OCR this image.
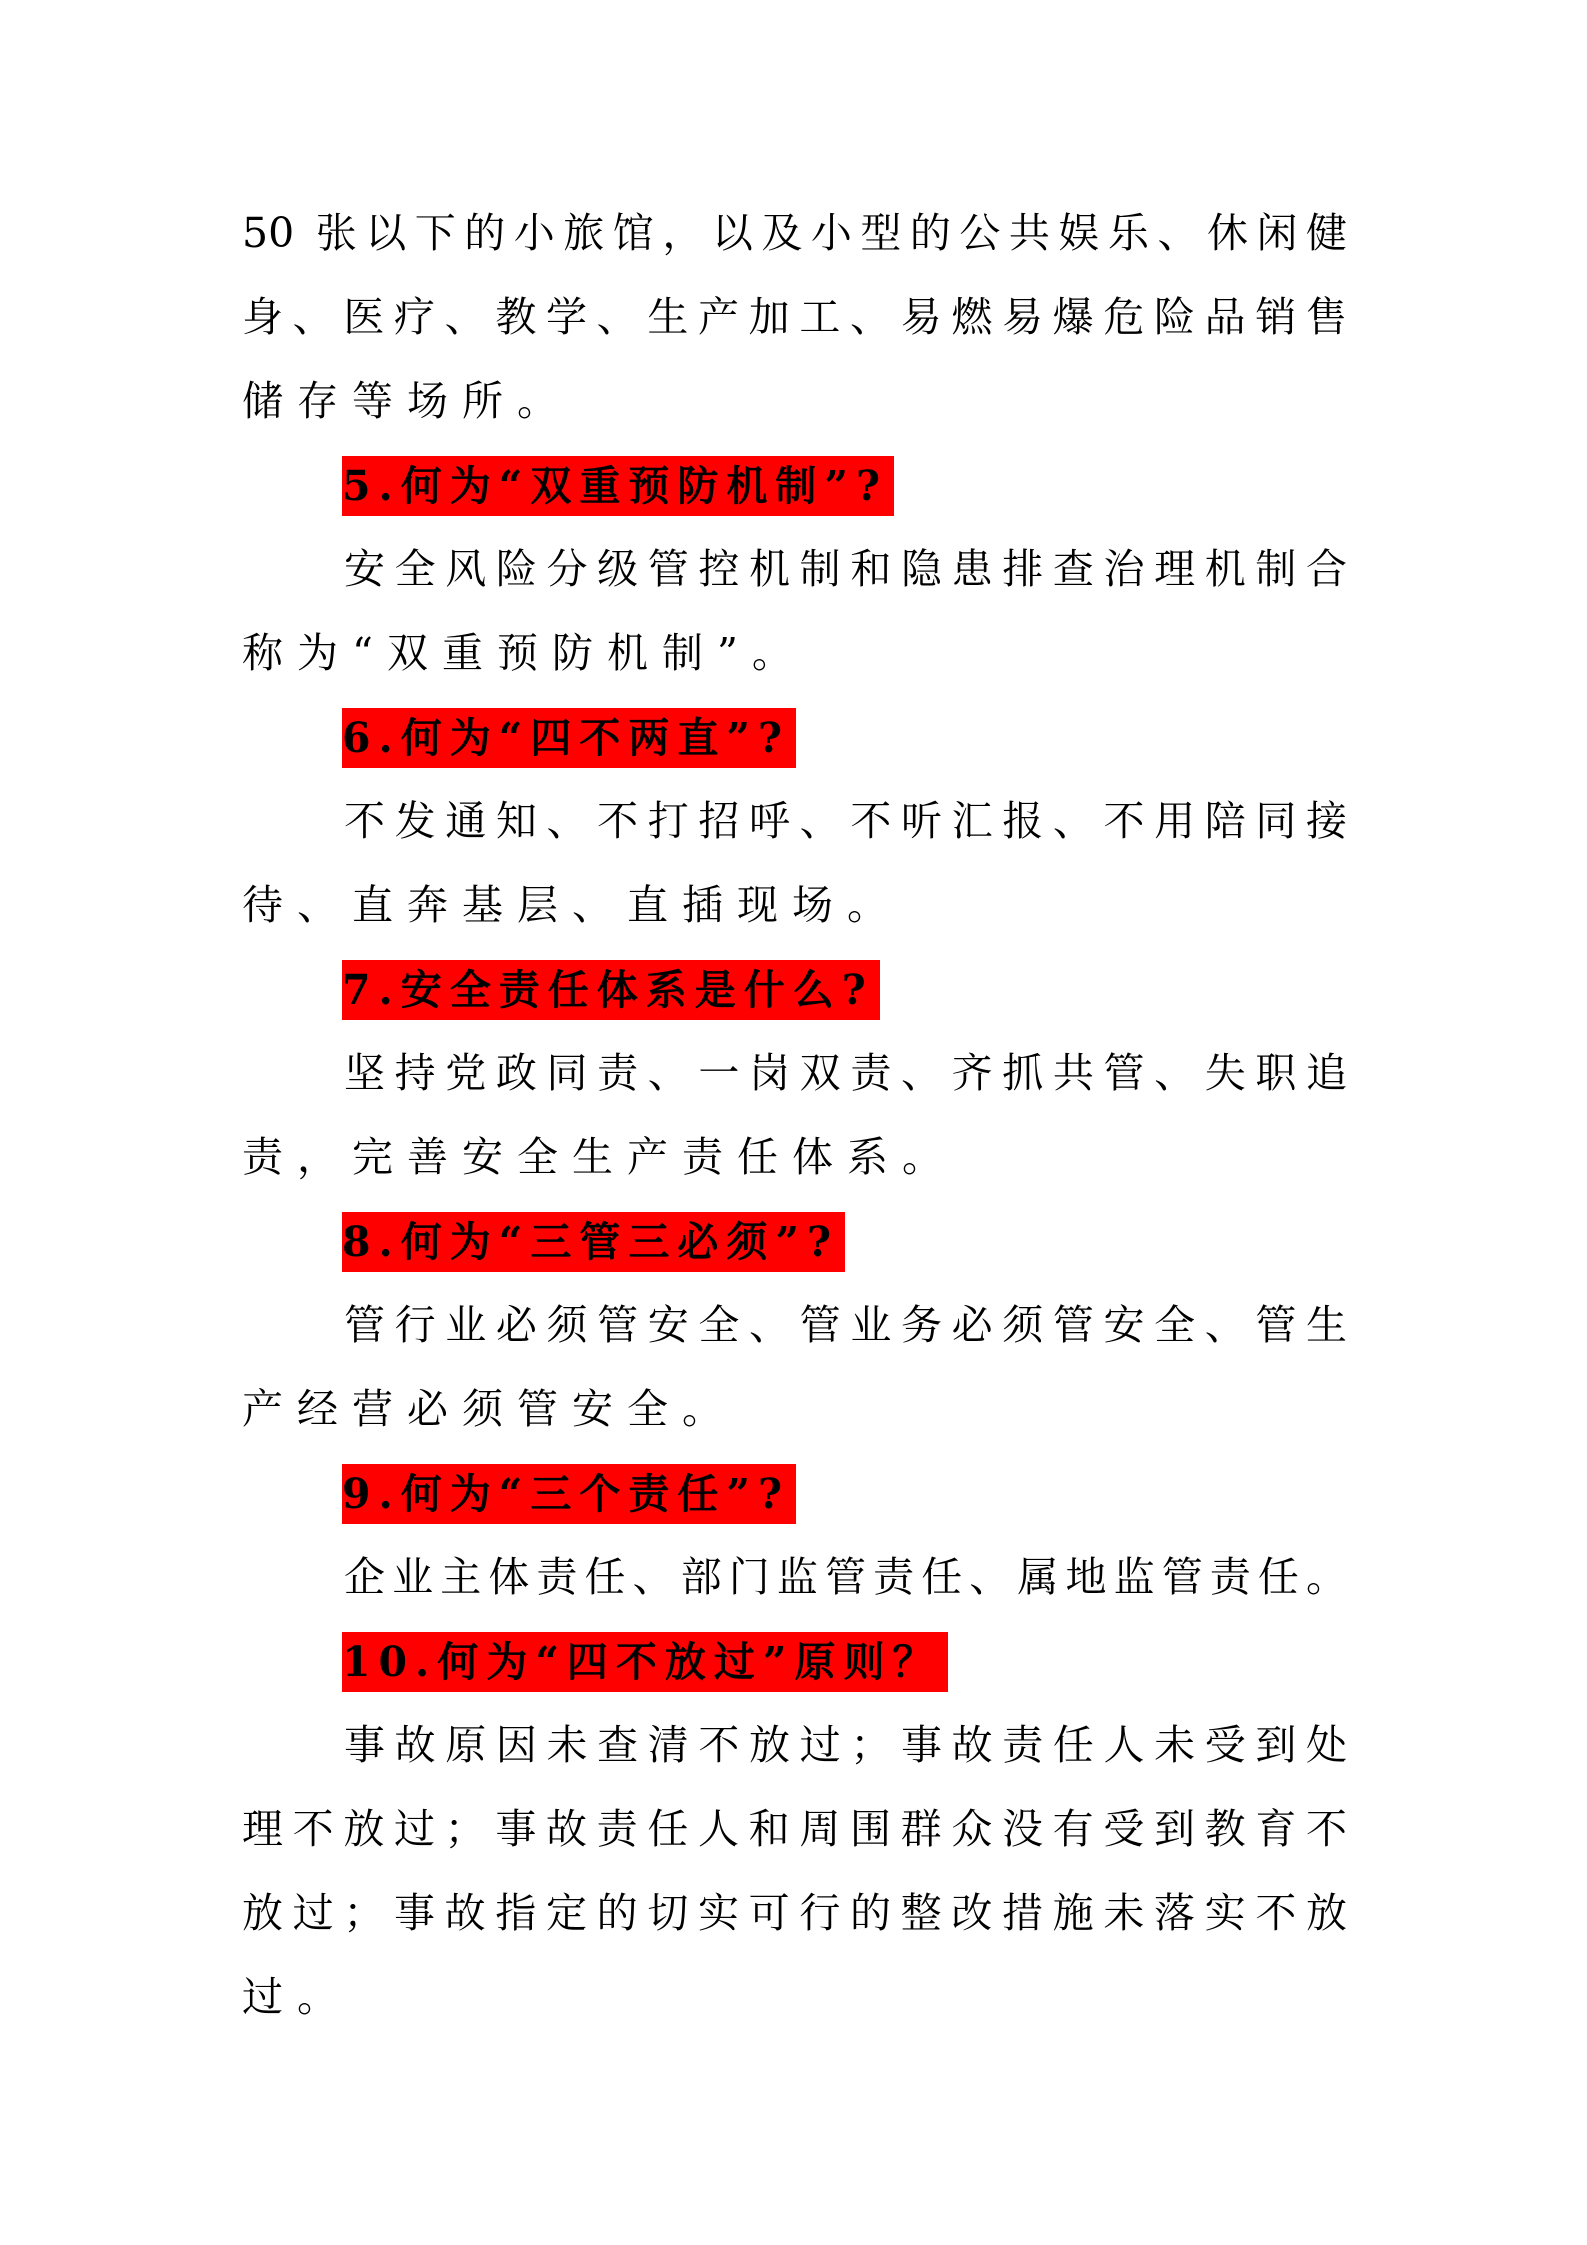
50 张以下的小旅馆，以及小型的公共娱乐、休闲健
身、医疗、教学、生产加工、易燃易爆危险品销售
储存等场所。
5.何为“双重预防机制”?
安全风险分级管控机制和隐患排查治理机制合
称为“双重预防机制”。
6.何为“四不两直”?
不发通知、不打招呼、不听汇报、不用陪同接
待、直奔基层、直插现场。
7.安全责任体系是什么?
坚持党政同责、一岗双责、齐抓共管、失职追
责，完善安全生产责任体系。
8.何为“三管三必须”?
管行业必须管安全、管业务必须管安全、管生
产经营必须管安全。
9.何为“三个责任”?
企业主体责任、部门监管责任、属地监管责任。
10.何为“四不放过”原则？
事故原因未查清不放过；事故责任人未受到处
理不放过；事故责任人和周围群众没有受到教育不
放过；事故指定的切实可行的整改措施未落实不放
过。
